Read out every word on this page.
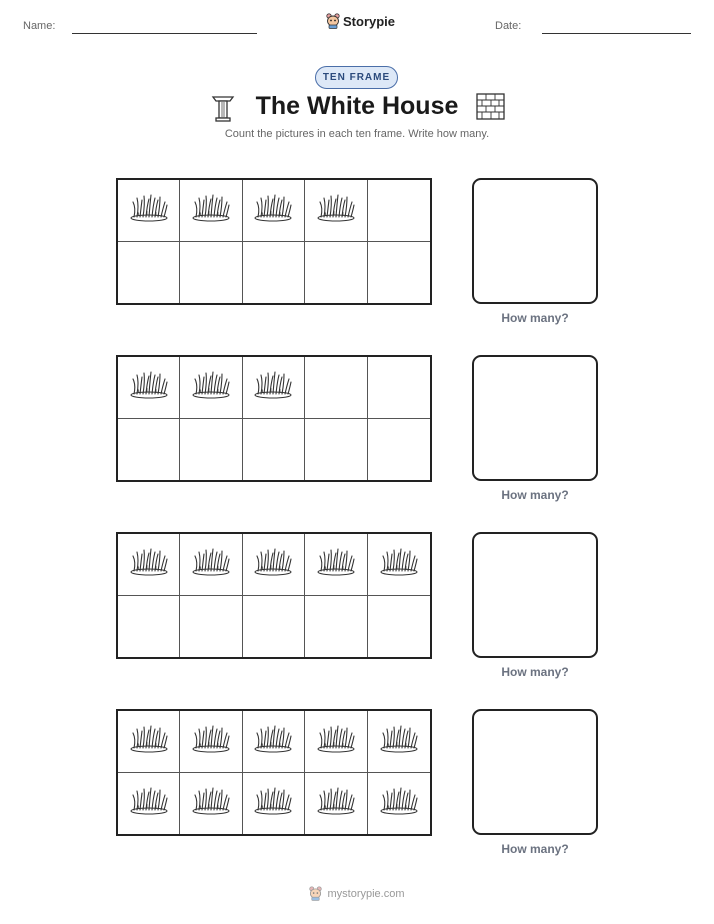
Name:	Storypie	Date:
TEN FRAME
The White House
Count the pictures in each ten frame. Write how many.
How many?
How many?
How many?
How many?
mystorypie.com
